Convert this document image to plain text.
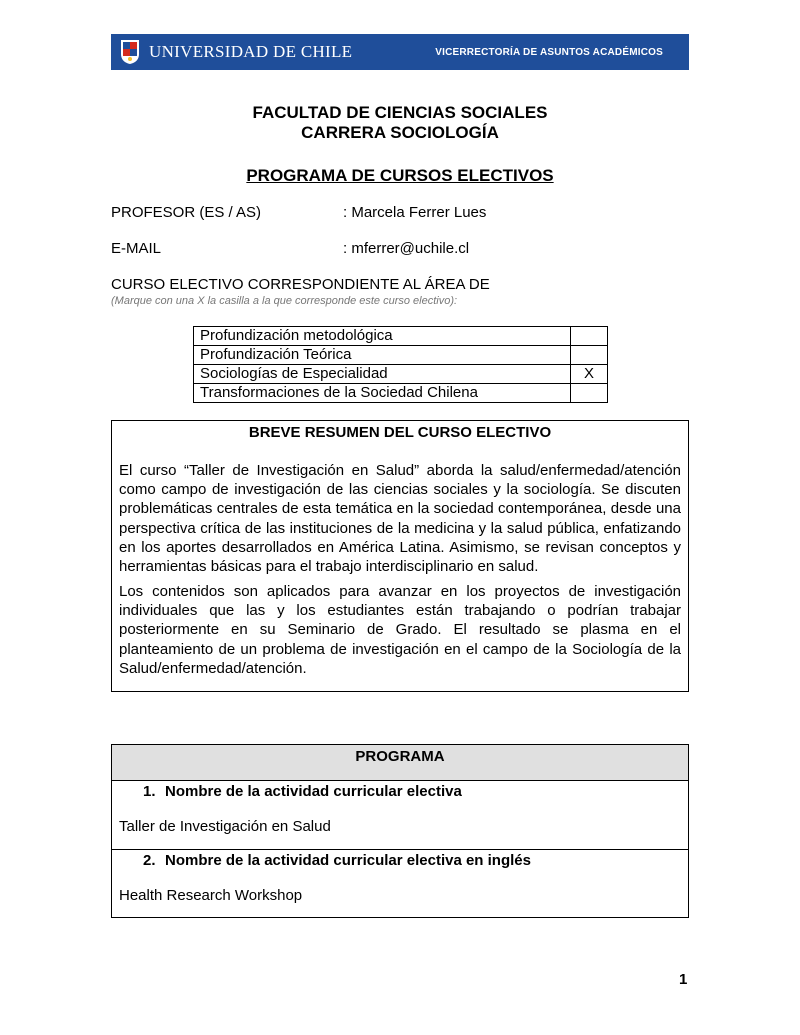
UNIVERSIDAD DE CHILE	VICERRECTORÍA DE ASUNTOS ACADÉMICOS
FACULTAD DE CIENCIAS SOCIALES
CARRERA SOCIOLOGÍA
PROGRAMA DE CURSOS ELECTIVOS
PROFESOR (ES / AS)	: Marcela Ferrer Lues
E-MAIL	: mferrer@uchile.cl
CURSO ELECTIVO CORRESPONDIENTE AL ÁREA DE
(Marque con una X la casilla a la que corresponde este curso electivo):
Profundización metodológica	
Profundización Teórica	
Sociologías de Especialidad	X
Transformaciones de la Sociedad Chilena	
BREVE RESUMEN DEL CURSO ELECTIVO

El curso “Taller de Investigación en Salud” aborda la salud/enfermedad/atención como campo de investigación de las ciencias sociales y la sociología. Se discuten problemáticas centrales de esta temática en la sociedad contemporánea, desde una perspectiva crítica de las instituciones de la medicina y la salud pública, enfatizando en los aportes desarrollados en América Latina. Asimismo, se revisan conceptos y herramientas básicas para el trabajo interdisciplinario en salud.

Los contenidos son aplicados para avanzar en los proyectos de investigación individuales que las y los estudiantes están trabajando o podrían trabajar posteriormente en su Seminario de Grado. El resultado se plasma en el planteamiento de un problema de investigación en el campo de la Sociología de la Salud/enfermedad/atención.

PROGRAMA
1. Nombre de la actividad curricular electiva
Taller de Investigación en Salud
2. Nombre de la actividad curricular electiva en inglés
Health Research Workshop
1
